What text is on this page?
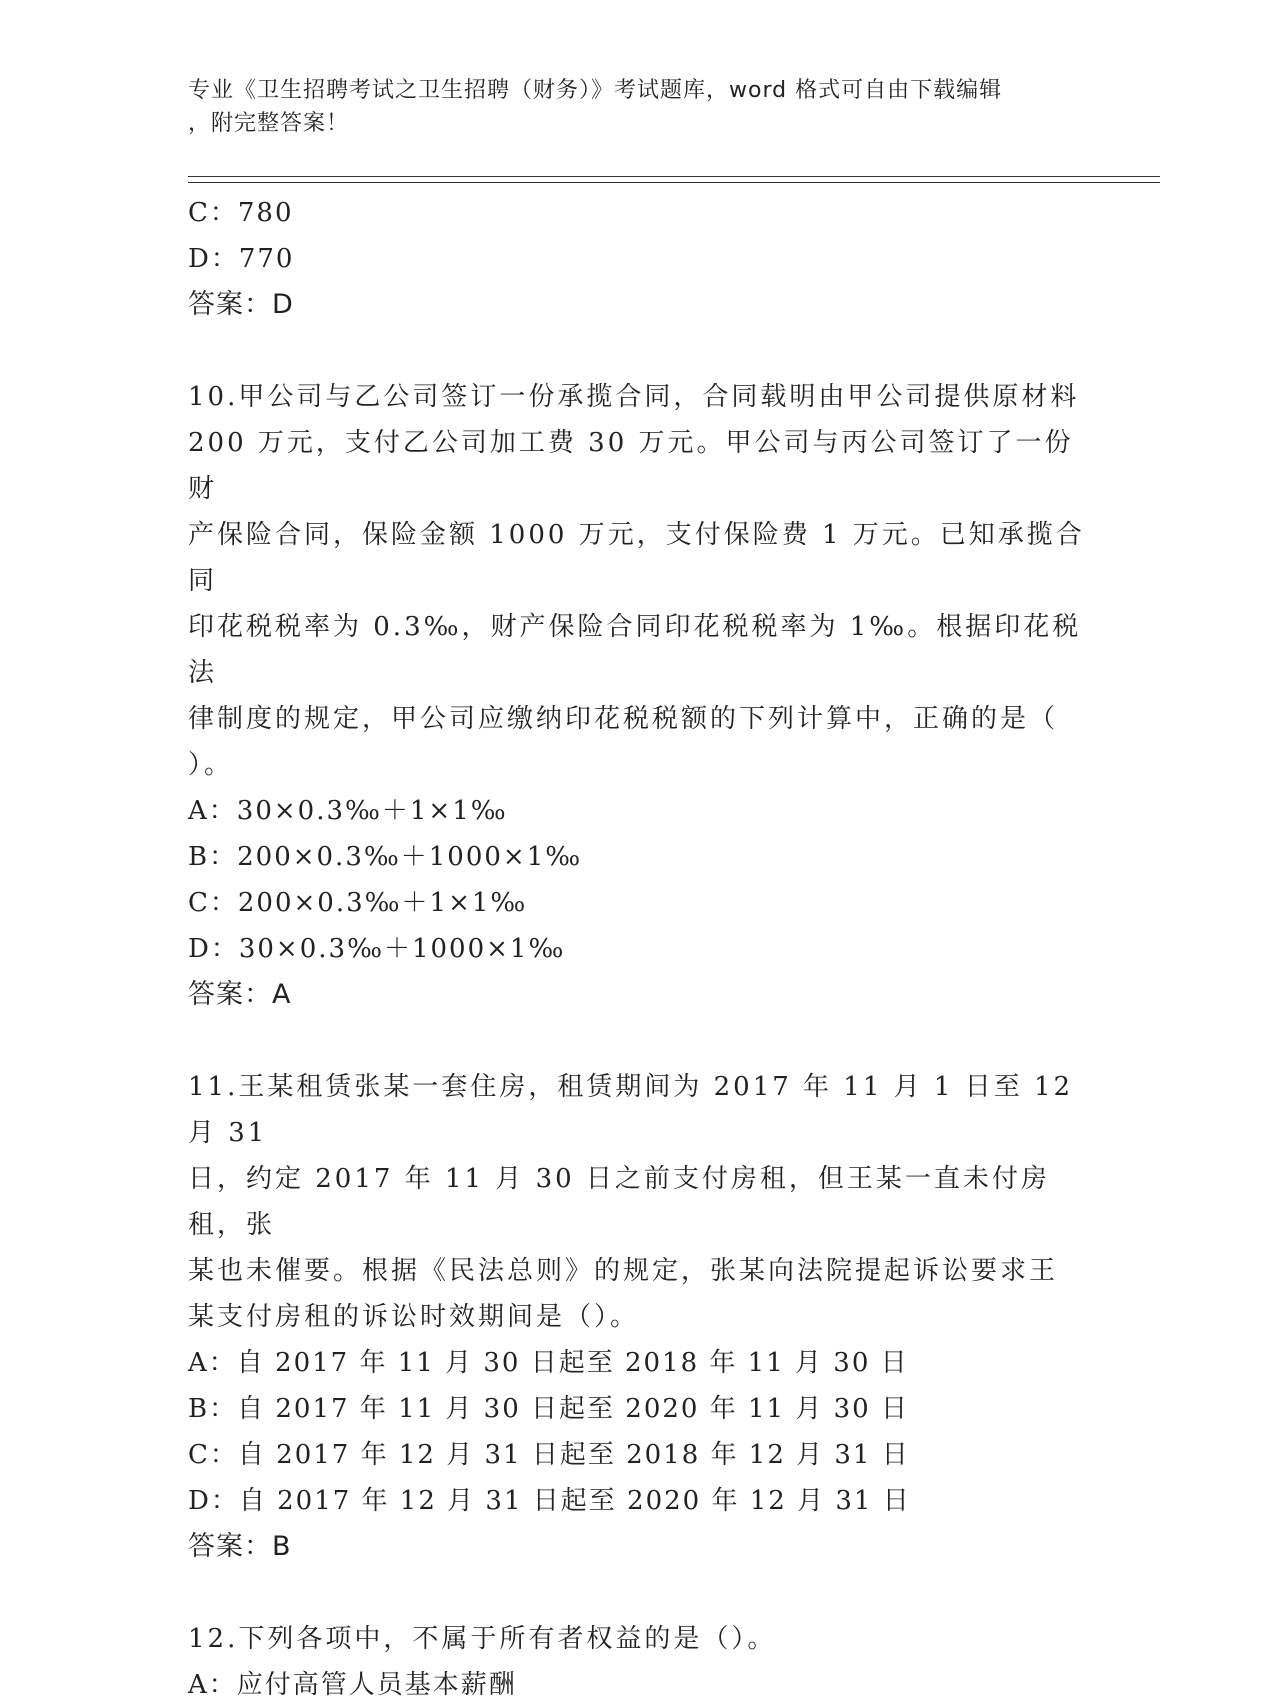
专业《卫生招聘考试之卫生招聘（财务）》考试题库，word 格式可自由下载编辑
，附完整答案！

C：780

D：770

答案：D

10.甲公司与乙公司签订一份承揽合同，合同载明由甲公司提供原材料

200 万元，支付乙公司加工费 30 万元。甲公司与丙公司签订了一份财

产保险合同，保险金额 1000 万元，支付保险费 1 万元。已知承揽合同

印花税税率为 0.3‰，财产保险合同印花税税率为 1‰。根据印花税法

律制度的规定，甲公司应缴纳印花税税额的下列计算中，正确的是（

）。

A：30×0.3‰＋1×1‰

B：200×0.3‰＋1000×1‰

C：200×0.3‰＋1×1‰

D：30×0.3‰＋1000×1‰

答案：A

11.王某租赁张某一套住房，租赁期间为 2017 年 11 月 1 日至 12 月 31

日，约定 2017 年 11 月 30 日之前支付房租，但王某一直未付房租，张

某也未催要。根据《民法总则》的规定，张某向法院提起诉讼要求王

某支付房租的诉讼时效期间是（）。

A：自 2017 年 11 月 30 日起至 2018 年 11 月 30 日

B：自 2017 年 11 月 30 日起至 2020 年 11 月 30 日

C：自 2017 年 12 月 31 日起至 2018 年 12 月 31 日

D：自 2017 年 12 月 31 日起至 2020 年 12 月 31 日

答案：B

12.下列各项中，不属于所有者权益的是（）。

A：应付高管人员基本薪酬
